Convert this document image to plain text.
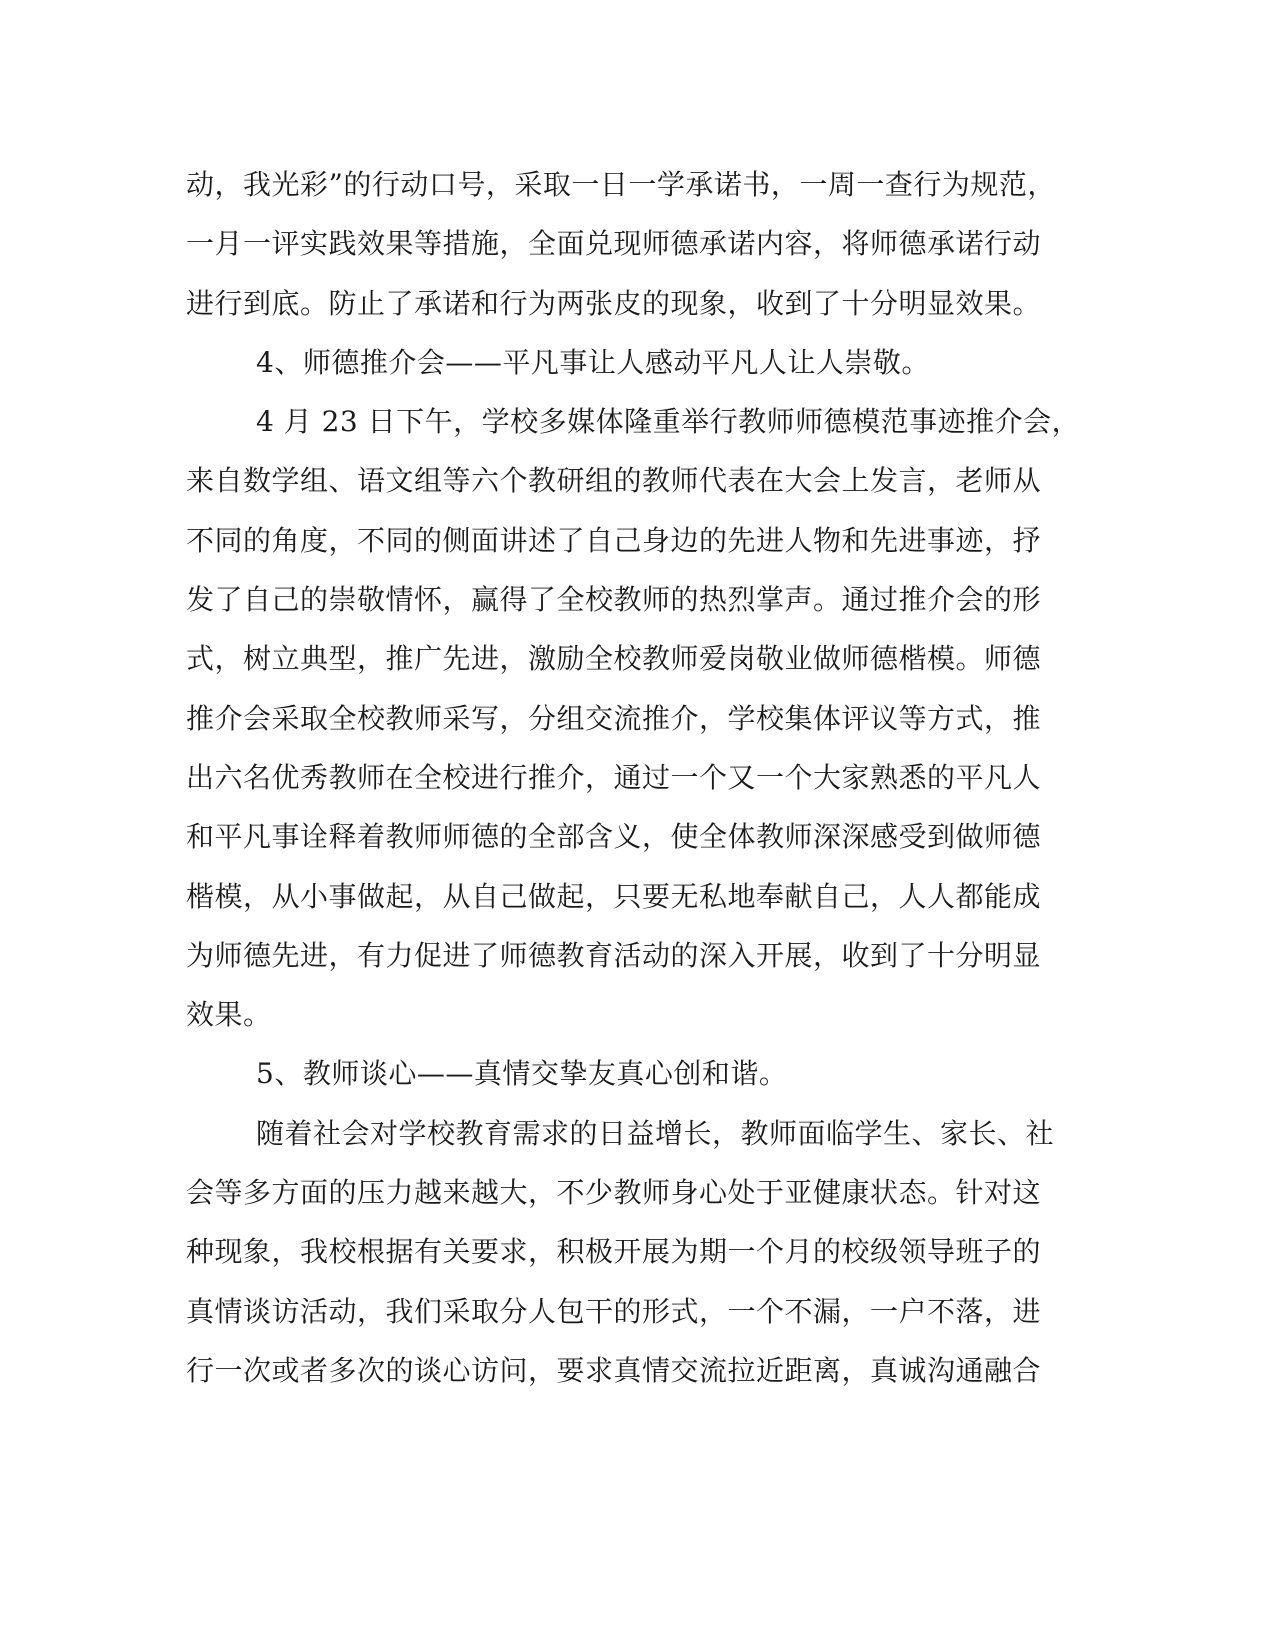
动，我光彩”的行动口号，采取一日一学承诺书，一周一查行为规范，
一月一评实践效果等措施，全面兑现师德承诺内容，将师德承诺行动
进行到底。防止了承诺和行为两张皮的现象，收到了十分明显效果。
4、师德推介会——平凡事让人感动平凡人让人崇敬。
4 月 23 日下午，学校多媒体隆重举行教师师德模范事迹推介会，
来自数学组、语文组等六个教研组的教师代表在大会上发言，老师从
不同的角度，不同的侧面讲述了自己身边的先进人物和先进事迹，抒
发了自己的崇敬情怀，赢得了全校教师的热烈掌声。通过推介会的形
式，树立典型，推广先进，激励全校教师爱岗敬业做师德楷模。师德
推介会采取全校教师采写，分组交流推介，学校集体评议等方式，推
出六名优秀教师在全校进行推介，通过一个又一个大家熟悉的平凡人
和平凡事诠释着教师师德的全部含义，使全体教师深深感受到做师德
楷模，从小事做起，从自己做起，只要无私地奉献自己，人人都能成
为师德先进，有力促进了师德教育活动的深入开展，收到了十分明显
效果。
5、教师谈心——真情交挚友真心创和谐。
随着社会对学校教育需求的日益增长，教师面临学生、家长、社
会等多方面的压力越来越大，不少教师身心处于亚健康状态。针对这
种现象，我校根据有关要求，积极开展为期一个月的校级领导班子的
真情谈访活动，我们采取分人包干的形式，一个不漏，一户不落，进
行一次或者多次的谈心访问，要求真情交流拉近距离，真诚沟通融合
